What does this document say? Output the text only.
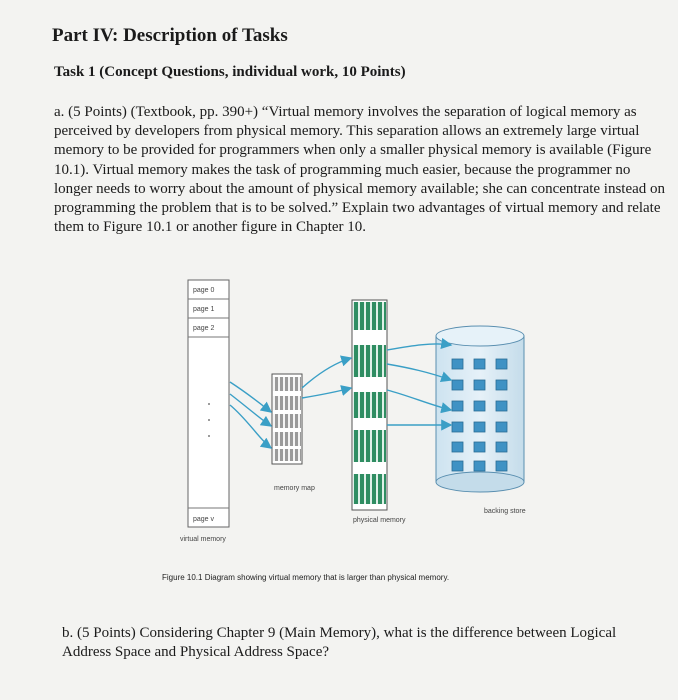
Part IV: Description of Tasks
Task 1 (Concept Questions, individual work, 10 Points)
a. (5 Points) (Textbook, pp. 390+) “Virtual memory involves the separation of logical memory as perceived by developers from physical memory. This separation allows an extremely large virtual memory to be provided for programmers when only a smaller physical memory is available (Figure 10.1). Virtual memory makes the task of programming much easier, because the programmer no longer needs to worry about the amount of physical memory available; she can concentrate instead on programming the problem that is to be solved.” Explain two advantages of virtual memory and relate them to Figure 10.1 or another figure in Chapter 10.
page 0
page 1
page 2
page v
virtual memory
memory map
physical memory
backing store
Figure 10.1 Diagram showing virtual memory that is larger than physical memory.
b. (5 Points) Considering Chapter 9 (Main Memory), what is the difference between Logical Address Space and Physical Address Space?
